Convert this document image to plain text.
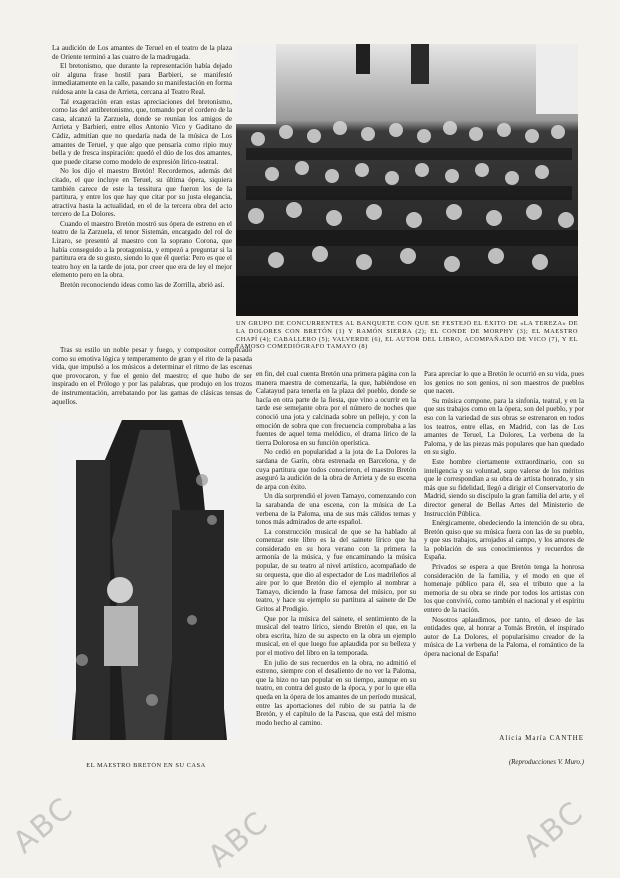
La audición de Los amantes de Teruel en el teatro de la plaza de Oriente terminó a las cuatro de la madrugada.

El bretonismo, que durante la representación había dejado oír alguna frase hostil para Barbieri, se manifestó inmediatamente en la calle, pasando su manifestación en forma ruidosa ante la casa de Arrieta, cercana al Teatro Real.

Tal exageración eran estas apreciaciones del bretonismo, como las del antibretonismo, que, tomando por el cordero de la casa, alcanzó la Zarzuela, donde se reunían los amigos de Arrieta y Barbieri, entre ellos Antonio Vico y Gaditano de Cádiz, admitían que no quedaría nada de la música de Los amantes de Teruel, y que algo que pensaría como ripio muy bella y de fresca inspiración: quedó el dúo de los dos amantes, que puede citarse como modelo de expresión lírico-teatral.

No los dijo el maestro Bretón! Recordemos, además del citado, el que incluye en Teruel, su última ópera, siquiera también carece de este la tessitura que fueron los de la partitura, y entre los que hay que citar por su justa elegancia, atractiva hasta la actualidad, en el de la tercera obra del acto tercero de La Dolores.

Cuando el maestro Bretón mostró sus ópera de estreno en el teatro de la Zarzuela, el tenor Sistemán, encargado del rol de Lizaro, se presentó al maestro con la soprano Corona, que había conseguido a la protagonista, y empezó a preguntar si la partitura era de su gusto, siendo lo que él quería: Pero es que el teatro hoy en la tarde de jota, por creer que era de ley el mejor elemento pero en la obra.

Bretón reconociendo ideas como las de Zorrilla, abrió así.

Tras su estilo un noble pesar y fuego, y compositor complicado como su emotiva lógica y temperamento de gran y el rito de la pasada vida, que impulsó a los músicos a determinar el ritmo de las escenas que provocaron, y fue el genio del maestro; el que hubo de ser inspirado en el Prólogo y por las palabras, que produjo en los trozos de instrumentación, arrebatando por las gamas de clásicas tensas de aquellos.

UN GRUPO DE CONCURRENTES AL BANQUETE CON QUE SE FESTEJÓ EL ÉXITO DE «LA TEREZA» DE LA DOLORES CON BRETÓN (1) Y RAMÓN SIERRA (2); EL CONDE DE MORPHY (3); EL MAESTRO CHAPÍ (4); CABALLERO (5); VALVERDE (6), EL AUTOR DEL LIBRO, ACOMPAÑADO DE VICO (7), Y EL FAMOSO COMEDIÓGRAFO TAMAYO (8)
EL MAESTRO BRETÓN EN SU CASA

en fin, del cual cuenta Bretón una primera página con la manera maestra de comenzarla, la que, habiéndose en Calatayud para tenerla en la plaza del pueblo, donde se hacía en otra parte de la fiesta, que vino a ocurrir en la tarde ese semejante obra por el número de noches que conoció una jota y calcinada sobre un pellejo, y con la emoción de sobra que con frecuencia comprobaba a las fuentes de aquel tema melódico, el drama lírico de la tierra Dolorosa en su función operística.

No cedió en popularidad a la jota de La Dolores la sardana de Garín, obra estrenada en Barcelona, y de cuya partitura que todos conocieron, el maestro Bretón aseguró la audición de la obra de Arrieta y de su escena de arpa con éxito.

Un día sorprendió el joven Tamayo, comenzando con la sarabanda de una escena, con la música de La verbena de la Paloma, una de sus más cálidos temas y tonos más admirados de arte español.

La construcción musical de que se ha hablado al comenzar este libro es la del sainete lírico que ha considerado en su hora verano con la primera la armonía de la música, y fue encaminando la música popular, de su teatro al nivel artístico, acompañado de su orquesta, que dio al espectador de Los madrileños al aire por lo que Bretón dio el ejemplo al nombrar a Tamayo, diciendo la frase famosa del músico, por su teatro, y hace su ejemplo su partitura al sainete de De Gritos al Prodigio.

Que por la música del sainete, el sentimiento de la musical del teatro lírico, siendo Bretón el que, en la obra escrita, hizo de su aspecto en la obra un ejemplo musical, en el que luego fue aplaudida por su belleza y por el motivo del libro en la temporada.

En julio de sus recuerdos en la obra, no admitió el estreno, siempre con el desaliento de no ver la Paloma, que la hizo no tan popular en su tiempo, aunque en su teatro, en contra del gusto de la época, y por lo que ella queda en la ópera de los amantes de un período musical, entre las aportaciones del rubio de su patria la de Bretón, y el capítulo de la Pascua, que está del mismo modo hecho al camino.

Para apreciar lo que a Bretón le ocurrió en su vida, pues los genios no son genios, ni son maestros de pueblos que nacen.

Su música compone, para la sinfonía, teatral, y en la que sus trabajos como en la ópera, son del pueblo, y por eso con la variedad de sus obras se estrenaron en todos los teatros, entre ellas, en Madrid, con las de Los amantes de Teruel, La Dolores, La verbena de la Paloma, y de las piezas más populares que han quedado en su siglo.

Este hombre ciertamente extraordinario, con su inteligencia y su voluntad, supo valerse de los méritos que le correspondían a su obra de artista honrado, y sin más que su fidelidad, llegó a dirigir el Conservatorio de Madrid, siendo su discípulo la gran familia del arte, y el director general de Bellas Artes del Ministerio de Instrucción Pública.

Enérgicamente, obedeciendo la intención de su obra, Bretón quiso que su música fuera con las de su pueblo, y que sus trabajos, arrojados al campo, y los amores de la población de sus conocimientos y recuerdos de España.

Privados se espera a que Bretón tenga la honrosa consideración de la familia, y el modo en que el homenaje público para él, sea el tributo que a la memoria de su obra se rinde por todos los artistas con los que convivió, como también el nacional y el espíritu entero de la nación.

Nosotros aplaudimos, por tanto, el deseo de las entidades que, al honrar a Tomás Bretón, el inspirado autor de La Dolores, el popularísimo creador de la música de La verbena de la Paloma, el romántico de la ópera nacional de España!

Alicia María CANTHE
(Reproducciones V. Muro.)
ABC	ABC	ABC
